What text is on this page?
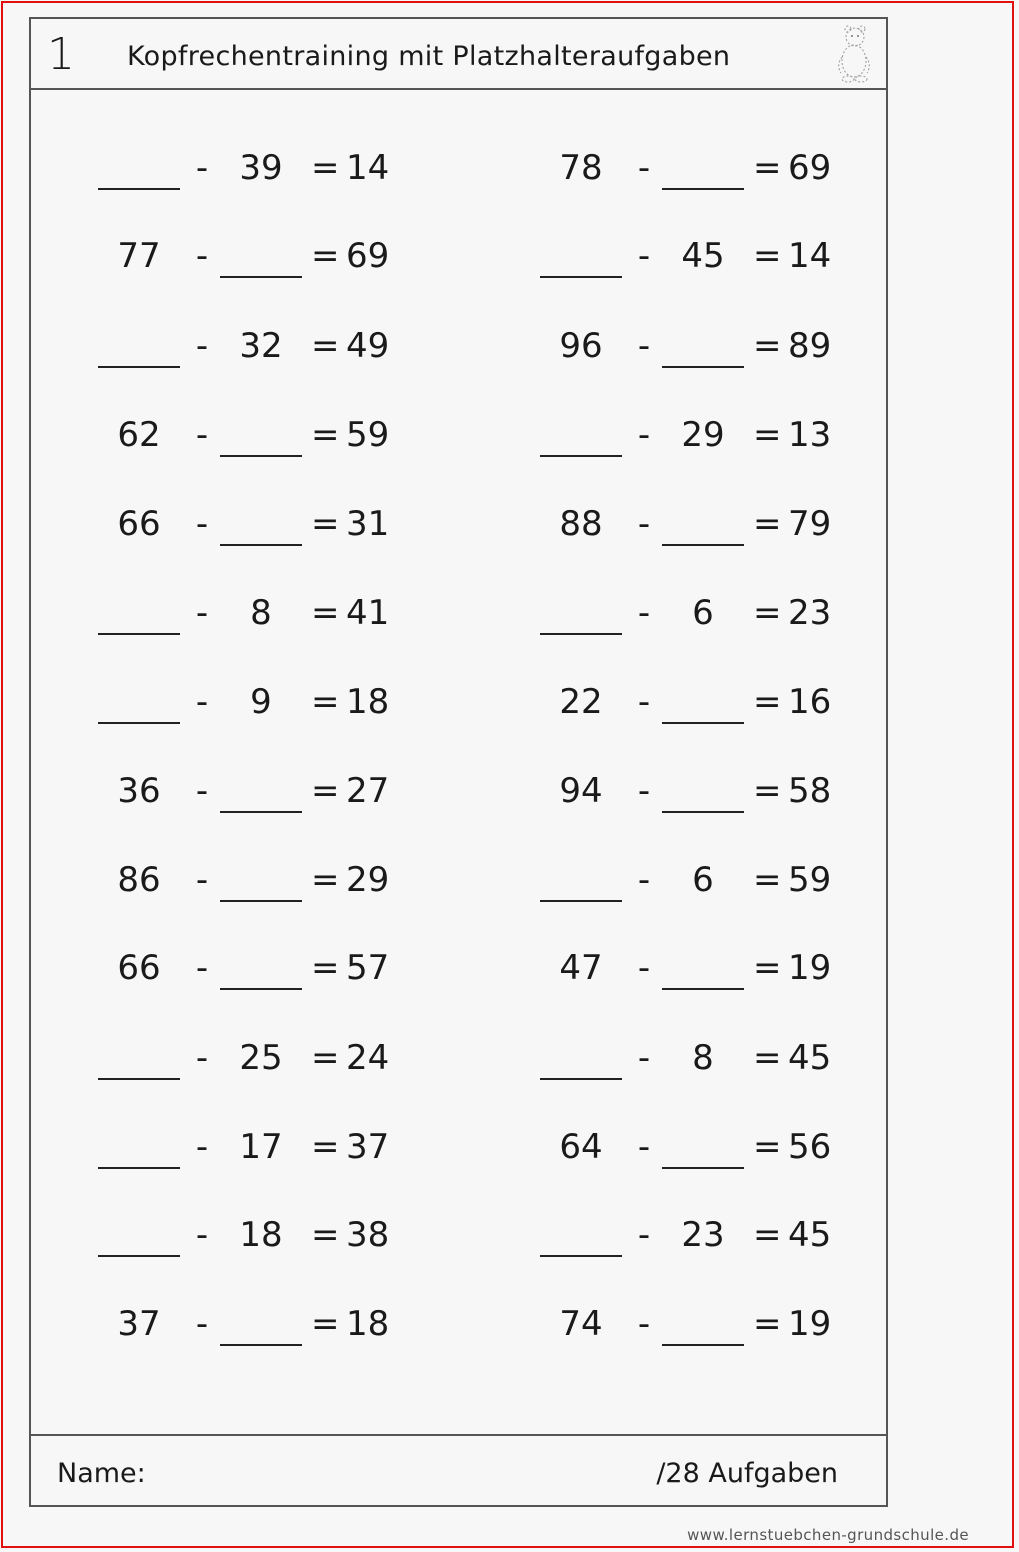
1 Kopfrechentraining mit Platzhalteraufgaben
- 39 = 14
77	-	= 69
- 32 = 49
62	-	= 59
66	-	= 31
-	8	= 41
-	9	= 18
36	-	= 27
86	-	= 29
66	-	= 57
- 25 = 24
- 17 = 37
- 18 = 38
37	-	= 18
78	-	= 69
- 45 = 14
96	-	= 89
- 29 = 13
88	-	= 79
-	6	= 23
22	-	= 16
94	-	= 58
-	6	= 59
47	-	= 19
-	8	= 45
64	-	= 56
- 23 = 45
74	-	= 19
Name:	/28 Aufgaben
www.lernstuebchen-grundschule.de
